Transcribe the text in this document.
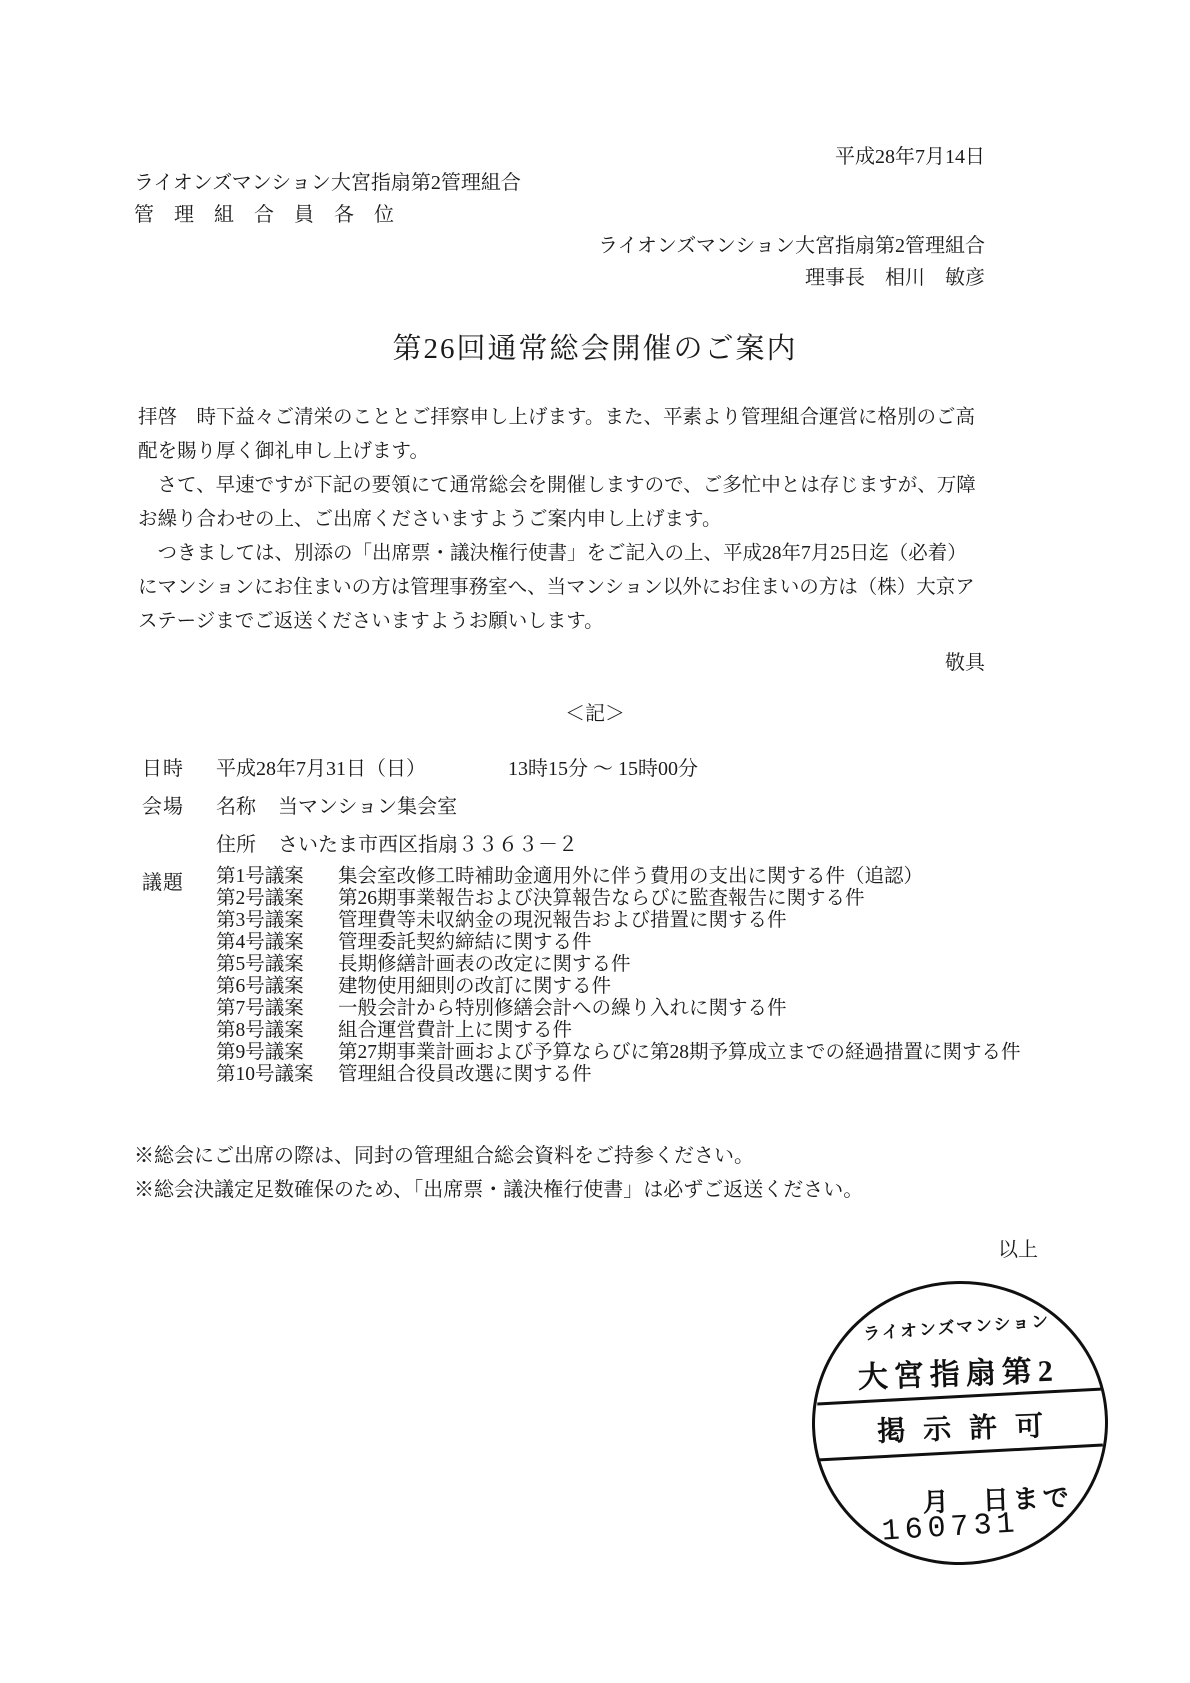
平成28年7月14日
ライオンズマンション大宮指扇第2管理組合
管　理　組　合　員　各　位
ライオンズマンション大宮指扇第2管理組合
理事長　相川　敏彦
第26回通常総会開催のご案内
拝啓　時下益々ご清栄のこととご拝察申し上げます。また、平素より管理組合運営に格別のご高
配を賜り厚く御礼申し上げます。
　さて、早速ですが下記の要領にて通常総会を開催しますので、ご多忙中とは存じますが、万障
お繰り合わせの上、ご出席くださいますようご案内申し上げます。
　つきましては、別添の「出席票・議決権行使書」をご記入の上、平成28年7月25日迄（必着）
にマンションにお住まいの方は管理事務室へ、当マンション以外にお住まいの方は（株）大京ア
ステージまでご返送くださいますようお願いします。
敬具
＜記＞
日時 平成28年7月31日（日）	13時15分 ～ 15時00分
会場 名称 当マンション集会室
住所 さいたま市西区指扇３３６３－２
議題 第1号議案	集会室改修工時補助金適用外に伴う費用の支出に関する件（追認）
第2号議案	第26期事業報告および決算報告ならびに監査報告に関する件
第3号議案	管理費等未収納金の現況報告および措置に関する件
第4号議案	管理委託契約締結に関する件
第5号議案	長期修繕計画表の改定に関する件
第6号議案	建物使用細則の改訂に関する件
第7号議案	一般会計から特別修繕会計への繰り入れに関する件
第8号議案	組合運営費計上に関する件
第9号議案	第27期事業計画および予算ならびに第28期予算成立までの経過措置に関する件
第10号議案	管理組合役員改選に関する件
※総会にご出席の際は、同封の管理組合総会資料をご持参ください。
※総会決議定足数確保のため、「出席票・議決権行使書」は必ずご返送ください。
以上
ライオンズマンション
大宮指扇第2
掲示許可
月　日まで
160731
